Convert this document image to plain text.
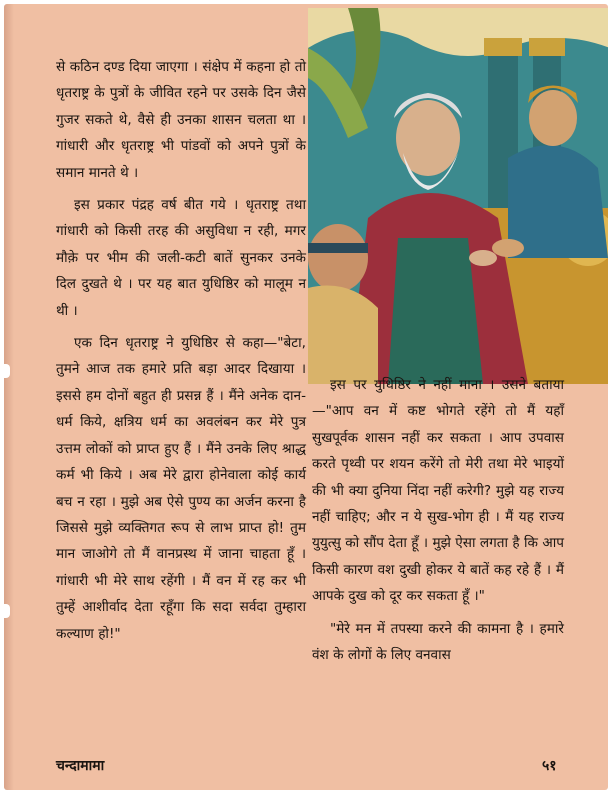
से कठिन दण्ड दिया जाएगा । संक्षेप में कहना हो तो धृतराष्ट्र के पुत्रों के जीवित रहने पर उसके दिन जैसे गुजर सकते थे, वैसे ही उनका शासन चलता था । गांधारी और धृतराष्ट्र भी पांडवों को अपने पुत्रों के समान मानते थे ।

इस प्रकार पंद्रह वर्ष बीत गये । धृतराष्ट्र तथा गांधारी को किसी तरह की असुविधा न रही, मगर मौक़े पर भीम की जली-कटी बातें सुनकर उनके दिल दुखते थे । पर यह बात युधिष्ठिर को मालूम न थी ।

एक दिन धृतराष्ट्र ने युधिष्ठिर से कहा—"बेटा, तुमने आज तक हमारे प्रति बड़ा आदर दिखाया । इससे हम दोनों बहुत ही प्रसन्न हैं । मैंने अनेक दान-धर्म किये, क्षत्रिय धर्म का अवलंबन कर मेरे पुत्र उत्तम लोकों को प्राप्त हुए हैं । मैंने उनके लिए श्राद्ध कर्म भी किये । अब मेरे द्वारा होनेवाला कोई कार्य बच न रहा । मुझे अब ऐसे पुण्य का अर्जन करना है जिससे मुझे व्यक्तिगत रूप से लाभ प्राप्त हो! तुम मान जाओगे तो मैं वानप्रस्थ में जाना चाहता हूँ । गांधारी भी मेरे साथ रहेंगी । मैं वन में रह कर भी तुम्हें आशीर्वाद देता रहूँगा कि सदा सर्वदा तुम्हारा कल्याण हो!"

इस पर युधिष्ठिर ने नहीं माना । उसने बताया—"आप वन में कष्ट भोगते रहेंगे तो मैं यहाँ सुखपूर्वक शासन नहीं कर सकता । आप उपवास करते पृथ्वी पर शयन करेंगे तो मेरी तथा मेरे भाइयों की भी क्या दुनिया निंदा नहीं करेगी? मुझे यह राज्य नहीं चाहिए; और न ये सुख-भोग ही । मैं यह राज्य युयुत्सु को सौंप देता हूँ । मुझे ऐसा लगता है कि आप किसी कारण वश दुखी होकर ये बातें कह रहे हैं । मैं आपके दुख को दूर कर सकता हूँ ।"

"मेरे मन में तपस्या करने की कामना है । हमारे वंश के लोगों के लिए वनवास

चन्दामामा	५१
